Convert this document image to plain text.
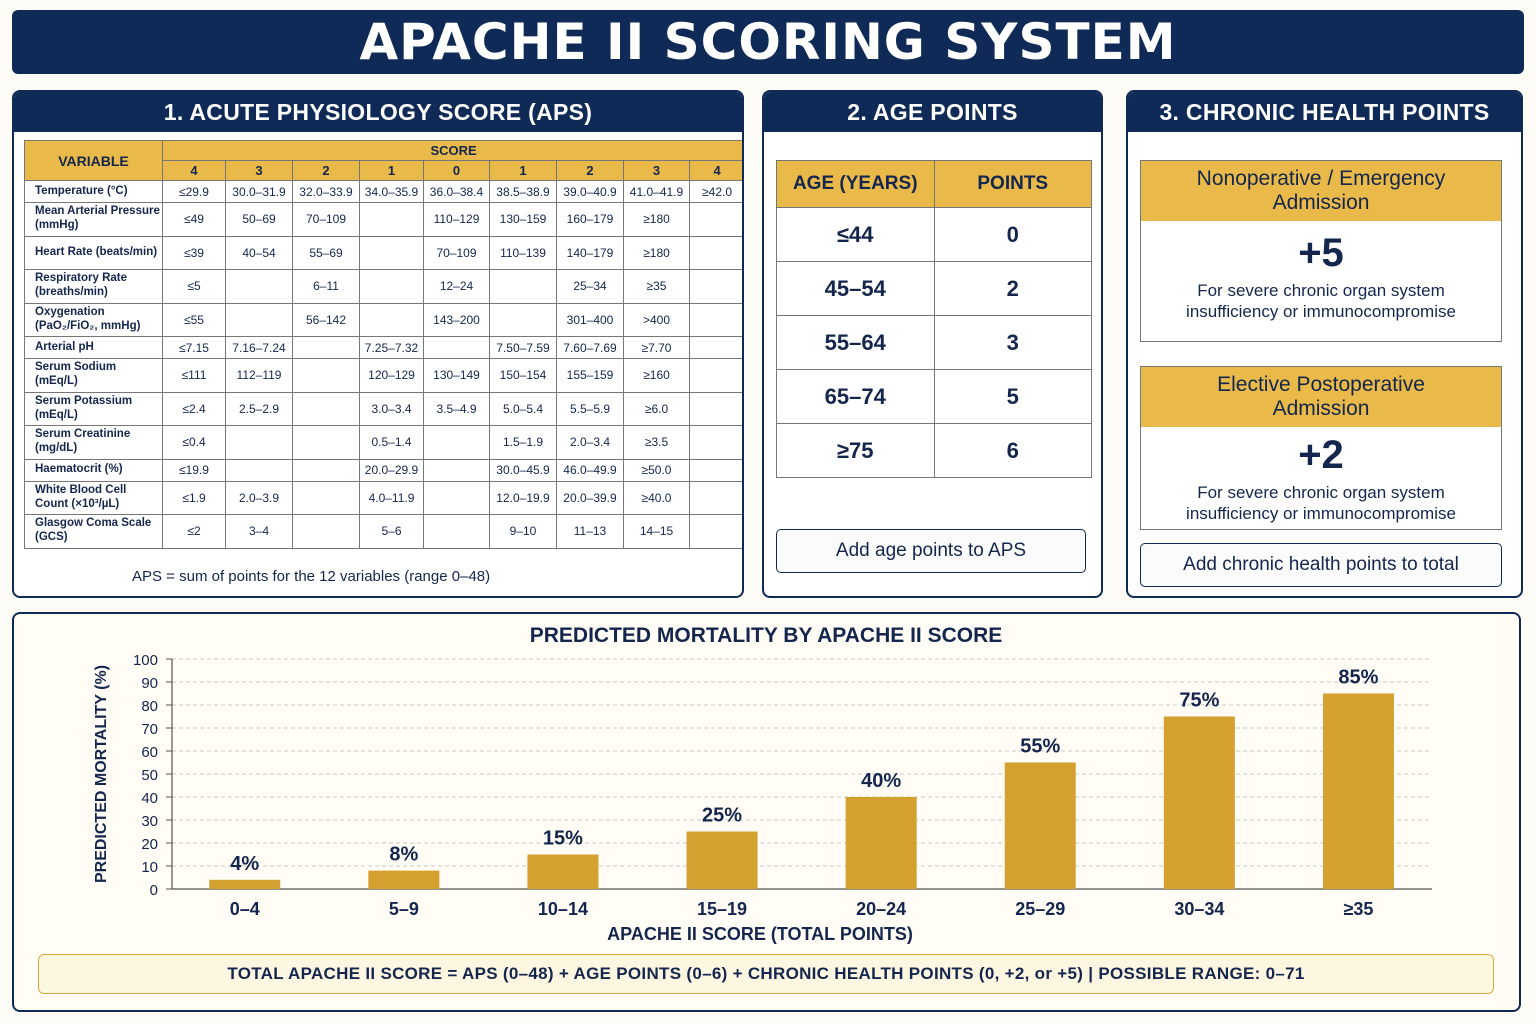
APACHE II SCORING SYSTEM
1. ACUTE PHYSIOLOGY SCORE (APS)
VARIABLE	SCORE								
	4	3	2	1	0	1	2	3	4
Temperature (°C)	≤29.9	30.0–31.9	32.0–33.9	34.0–35.9	36.0–38.4	38.5–38.9	39.0–40.9	41.0–41.9	≥42.0
Mean Arterial Pressure (mmHg)	≤49	50–69	70–109		110–129	130–159	160–179	≥180	
Heart Rate (beats/min)	≤39	40–54	55–69		70–109	110–139	140–179	≥180	
Respiratory Rate (breaths/min)	≤5		6–11		12–24		25–34	≥35	
Oxygenation (PaO₂/FiO₂, mmHg)	≤55		56–142		143–200		301–400	>400	
Arterial pH	≤7.15	7.16–7.24		7.25–7.32		7.50–7.59	7.60–7.69	≥7.70	
Serum Sodium (mEq/L)	≤111	112–119		120–129	130–149	150–154	155–159	≥160	
Serum Potassium (mEq/L)	≤2.4	2.5–2.9		3.0–3.4	3.5–4.9	5.0–5.4	5.5–5.9	≥6.0	
Serum Creatinine (mg/dL)	≤0.4			0.5–1.4		1.5–1.9	2.0–3.4	≥3.5	
Haematocrit (%)	≤19.9			20.0–29.9		30.0–45.9	46.0–49.9	≥50.0	
White Blood Cell Count (×10³/µL)	≤1.9	2.0–3.9		4.0–11.9		12.0–19.9	20.0–39.9	≥40.0	
Glasgow Coma Scale (GCS)	≤2	3–4		5–6		9–10	11–13	14–15	
APS = sum of points for the 12 variables (range 0–48)
2. AGE POINTS
AGE (YEARS)	POINTS
≤44	0
45–54	2
55–64	3
65–74	5
≥75	6
Add age points to APS
3. CHRONIC HEALTH POINTS
Nonoperative / Emergency
Admission
+5
For severe chronic organ system
insufficiency or immunocompromise
Elective Postoperative
Admission
+2
For severe chronic organ system
insufficiency or immunocompromise
Add chronic health points to total
PREDICTED MORTALITY BY APACHE II SCORE
0
10
20
30
40
50
60
70
80
90
100
4%
0–4
8%
5–9
15%
10–14
25%
15–19
40%
20–24
55%
25–29
75%
30–34
85%
≥35
APACHE II SCORE (TOTAL POINTS)
PREDICTED MORTALITY (%)
TOTAL APACHE II SCORE = APS (0–48) + AGE POINTS (0–6) + CHRONIC HEALTH POINTS (0, +2, or +5) | POSSIBLE RANGE: 0–71
